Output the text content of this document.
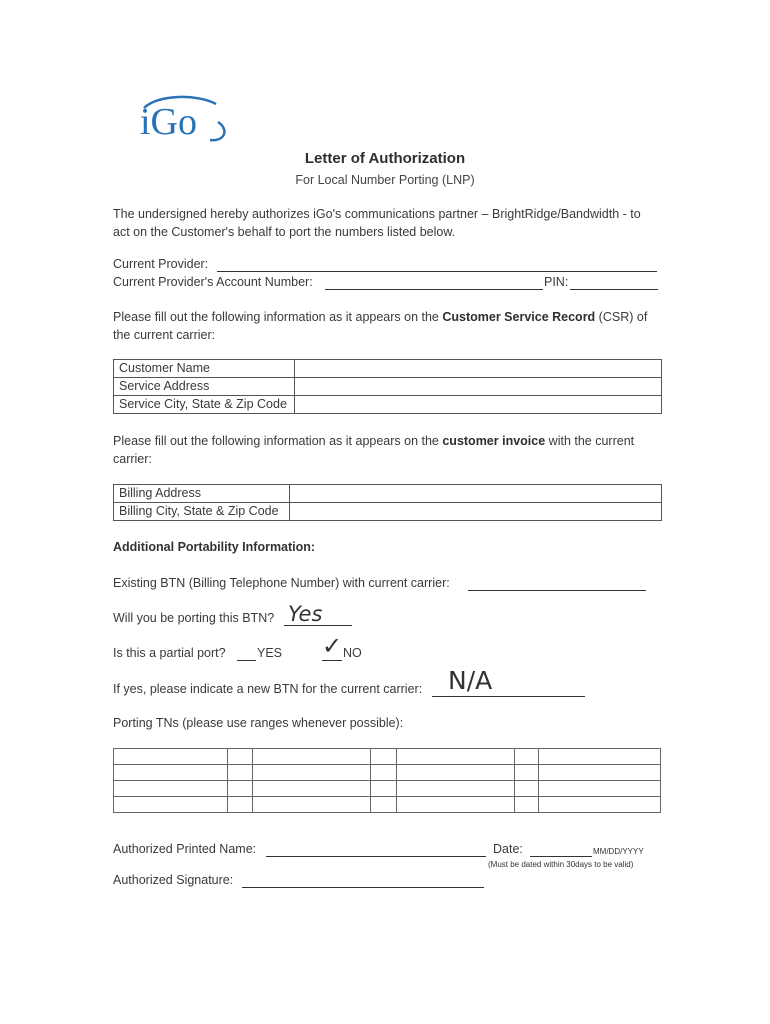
iGo
Letter of Authorization
For Local Number Porting (LNP)
The undersigned hereby authorizes iGo's communications partner – BrightRidge/Bandwidth - to
act on the Customer's behalf to port the numbers listed below.
Current Provider:
Current Provider's Account Number:	PIN:
Please fill out the following information as it appears on the Customer Service Record (CSR) of
the current carrier:
Customer Name	
Service Address	
Service City, State & Zip Code	
Please fill out the following information as it appears on the customer invoice with the current
carrier:
Billing Address	
Billing City, State & Zip Code	
Additional Portability Information:
Existing BTN (Billing Telephone Number) with current carrier:
Will you be porting this BTN? Yes
Is this a partial port?	YES ✓ NO
If yes, please indicate a new BTN for the current carrier: N/A
Porting TNs (please use ranges whenever possible):

Authorized Printed Name:	Date:	MM/DD/YYYY
(Must be dated within 30days to be valid)
Authorized Signature:
